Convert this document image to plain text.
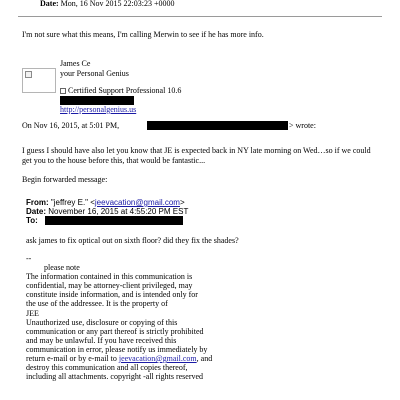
Date: Mon, 16 Nov 2015 22:03:23 +0000
I'm not sure what this means, I'm calling Merwin to see if he has more info.
James Ce
your Personal Genius
Certified Support Professional 10.6
http://personalgenius.us
On Nov 16, 2015, at 5:01 PM,	> wrote:
I guess I should have also let you know that JE is expected back in NY late morning on Wed…so if we could
get you to the house before this, that would be fantastic...
Begin forwarded message:
From: "jeffrey E." <jeevacation@gmail.com>
Date: November 16, 2015 at 4:55:20 PM EST
To:
ask james to fix optical out on sixth floor? did they fix the shades?
--
please note
The information contained in this communication is
confidential, may be attorney-client privileged, may
constitute inside information, and is intended only for
the use of the addressee. It is the property of
JEE
Unauthorized use, disclosure or copying of this
communication or any part thereof is strictly prohibited
and may be unlawful. If you have received this
communication in error, please notify us immediately by
return e-mail or by e-mail to jeevacation@gmail.com, and
destroy this communication and all copies thereof,
including all attachments. copyright -all rights reserved
